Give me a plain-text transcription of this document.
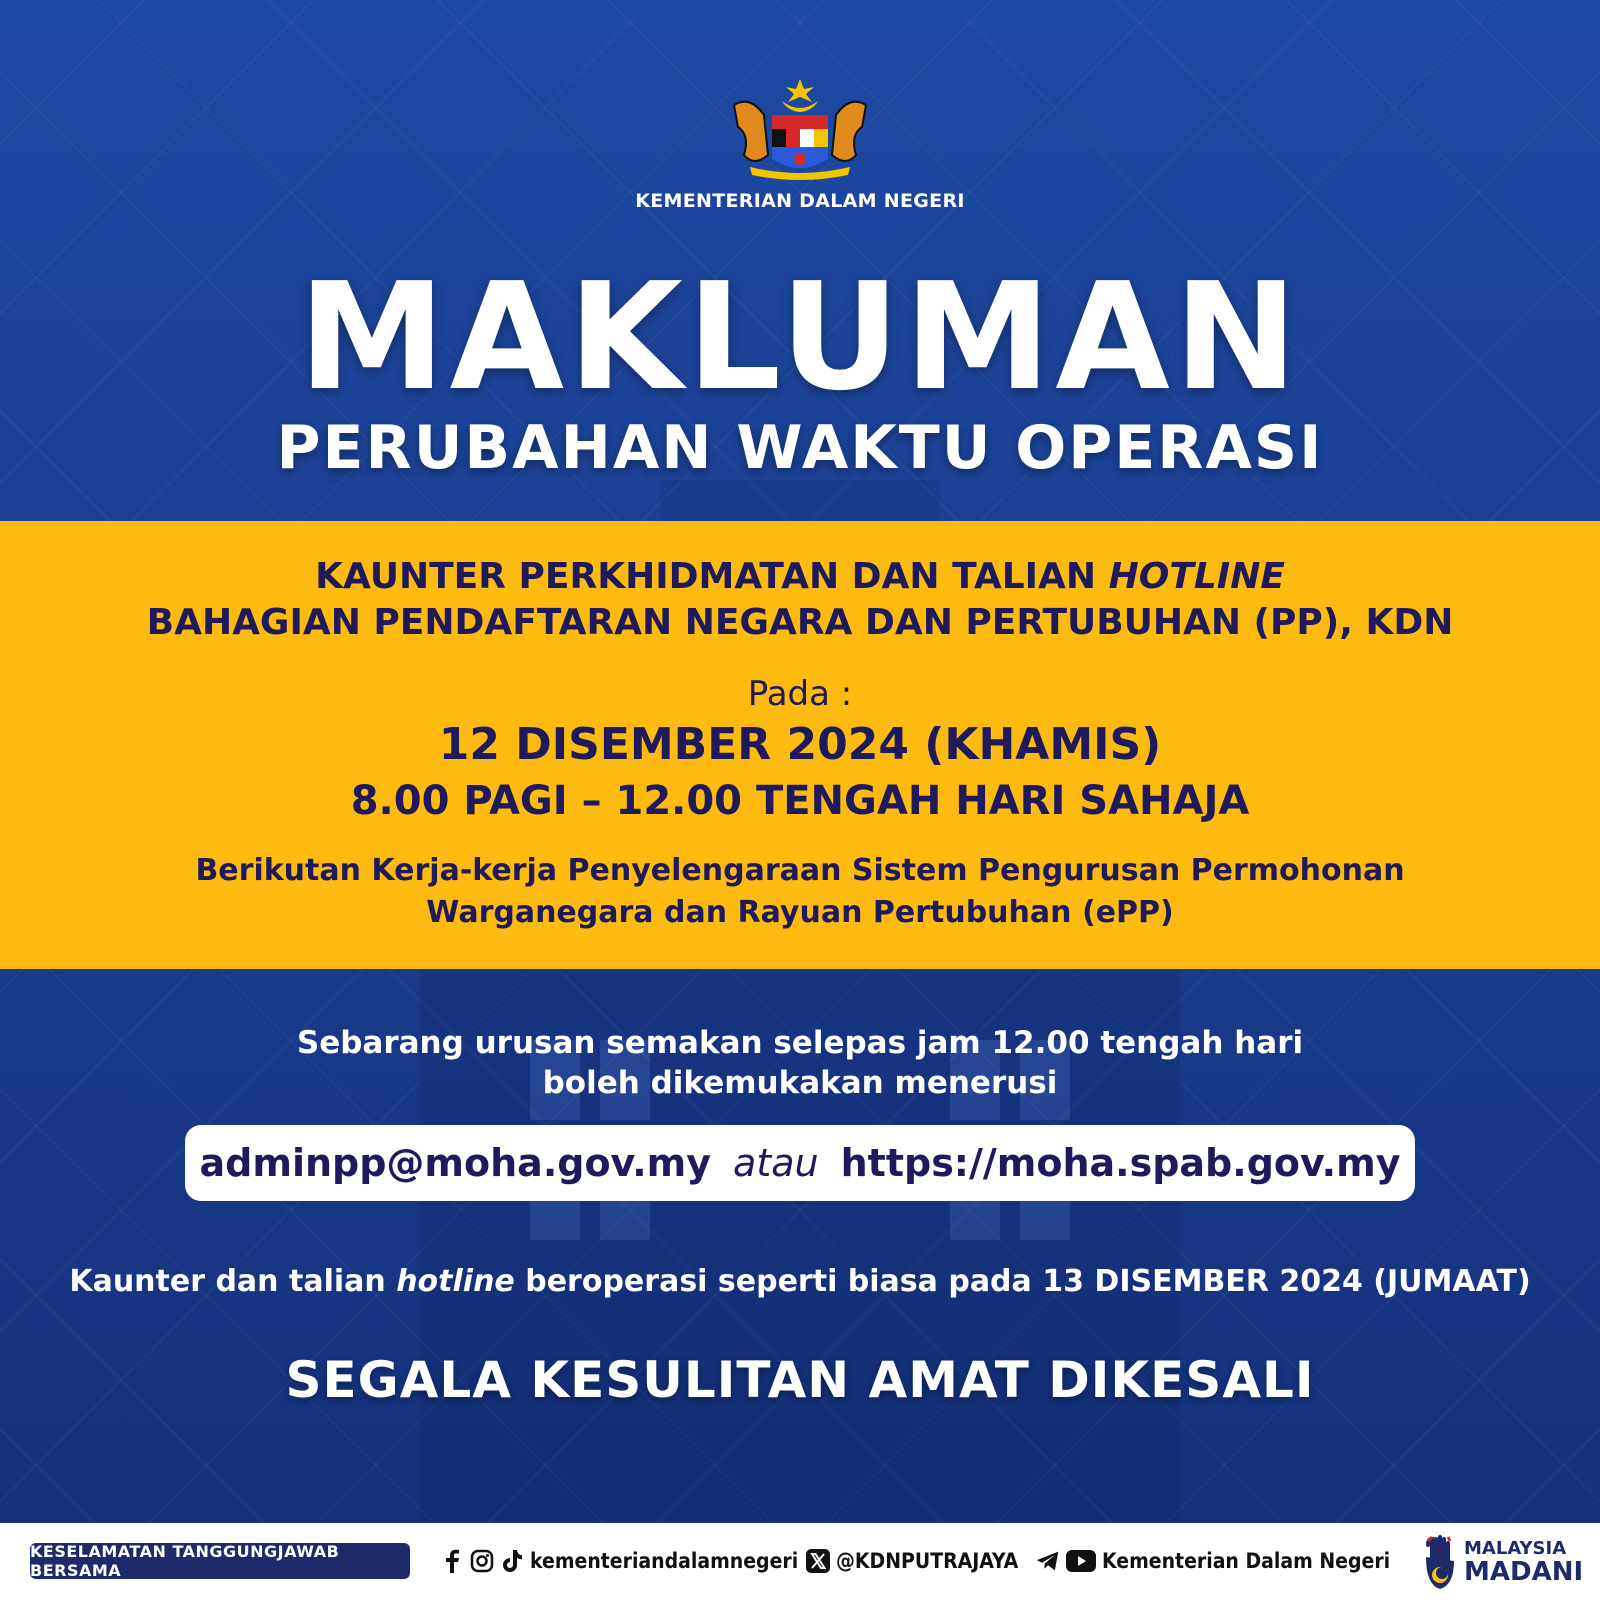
KEMENTERIAN DALAM NEGERI
MAKLUMAN
PERUBAHAN WAKTU OPERASI
KAUNTER PERKHIDMATAN DAN TALIAN HOTLINE
BAHAGIAN PENDAFTARAN NEGARA DAN PERTUBUHAN (PP), KDN
Pada :
12 DISEMBER 2024 (KHAMIS)
8.00 PAGI – 12.00 TENGAH HARI SAHAJA
Berikutan Kerja-kerja Penyelengaraan Sistem Pengurusan Permohonan
Warganegara dan Rayuan Pertubuhan (ePP)
Sebarang urusan semakan selepas jam 12.00 tengah hari
boleh dikemukakan menerusi
adminpp@moha.gov.my atau https://moha.spab.gov.my
Kaunter dan talian hotline beroperasi seperti biasa pada 13 DISEMBER 2024 (JUMAAT)
SEGALA KESULITAN AMAT DIKESALI
KESELAMATAN TANGGUNGJAWAB BERSAMA	kementeriandalamnegeri @KDNPUTRAJAYA	Kementerian Dalam Negeri
MALAYSIA
MADANI
